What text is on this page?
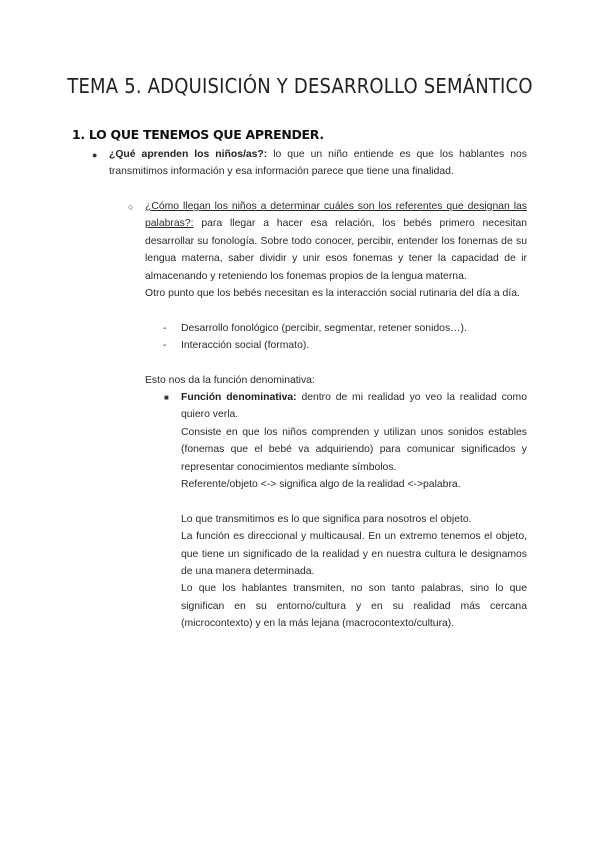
TEMA 5. ADQUISICIÓN Y DESARROLLO SEMÁNTICO
1. LO QUE TENEMOS QUE APRENDER.
● ¿Qué aprenden los niños/as?: lo que un niño entiende es que los hablantes nos transmitimos información y esa información parece que tiene una finalidad.
○ ¿Cómo llegan los niños a determinar cuáles son los referentes que designan las palabras?: para llegar a hacer esa relación, los bebés primero necesitan desarrollar su fonología. Sobre todo conocer, percibir, entender los fonemas de su lengua materna, saber dividir y unir esos fonemas y tener la capacidad de ir almacenando y reteniendo los fonemas propios de la lengua materna.

Otro punto que los bebés necesitan es la interacción social rutinaria del día a día.

- Desarrollo fonológico (percibir, segmentar, retener sonidos…).
- Interacción social (formato).
Esto nos da la función denominativa:
■ Función denominativa: dentro de mi realidad yo veo la realidad como quiero verla.

Consiste en que los niños comprenden y utilizan unos sonidos estables (fonemas que el bebé va adquiriendo) para comunicar significados y representar conocimientos mediante símbolos.

Referente/objeto <-> significa algo de la realidad <->palabra.

Lo que transmitimos es lo que significa para nosotros el objeto.

La función es direccional y multicausal. En un extremo tenemos el objeto, que tiene un significado de la realidad y en nuestra cultura le designamos de una manera determinada.

Lo que los hablantes transmiten, no son tanto palabras, sino lo que significan en su entorno/cultura y en su realidad más cercana (microcontexto) y en la más lejana (macrocontexto/cultura).
